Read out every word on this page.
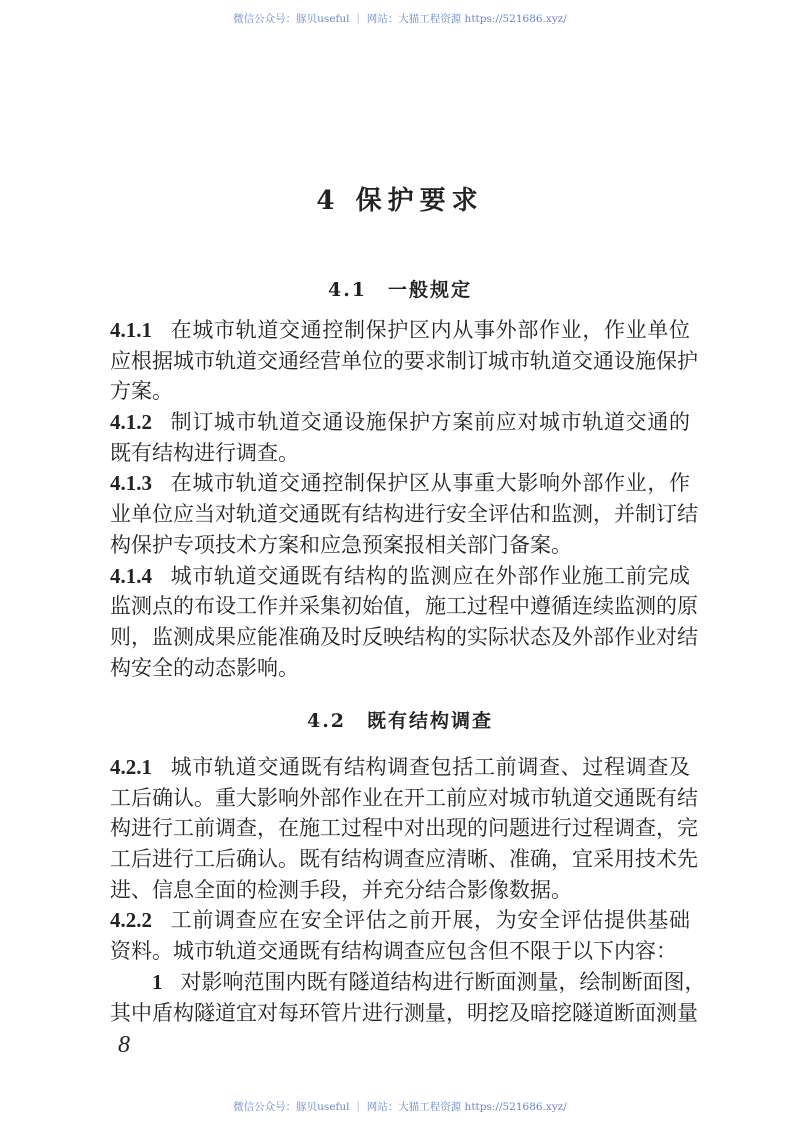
微信公众号：豚贝useful ｜ 网站：大猫工程资源 https://521686.xyz/
4 保护要求
4.1　一般规定
4.2　既有结构调查
4.1.1 在城市轨道交通控制保护区内从事外部作业，作业单位
应根据城市轨道交通经营单位的要求制订城市轨道交通设施保护
方案。
4.1.2 制订城市轨道交通设施保护方案前应对城市轨道交通的
既有结构进行调查。
4.1.3 在城市轨道交通控制保护区从事重大影响外部作业，作
业单位应当对轨道交通既有结构进行安全评估和监测，并制订结
构保护专项技术方案和应急预案报相关部门备案。
4.1.4 城市轨道交通既有结构的监测应在外部作业施工前完成
监测点的布设工作并采集初始值，施工过程中遵循连续监测的原
则，监测成果应能准确及时反映结构的实际状态及外部作业对结
构安全的动态影响。
4.2.1 城市轨道交通既有结构调查包括工前调查、过程调查及
工后确认。重大影响外部作业在开工前应对城市轨道交通既有结
构进行工前调查，在施工过程中对出现的问题进行过程调查，完
工后进行工后确认。既有结构调查应清晰、准确，宜采用技术先
进、信息全面的检测手段，并充分结合影像数据。
4.2.2 工前调查应在安全评估之前开展，为安全评估提供基础
资料。城市轨道交通既有结构调查应包含但不限于以下内容：
1 对影响范围内既有隧道结构进行断面测量，绘制断面图，
其中盾构隧道宜对每环管片进行测量，明挖及暗挖隧道断面测量
8
微信公众号：豚贝useful ｜ 网站：大猫工程资源 https://521686.xyz/
